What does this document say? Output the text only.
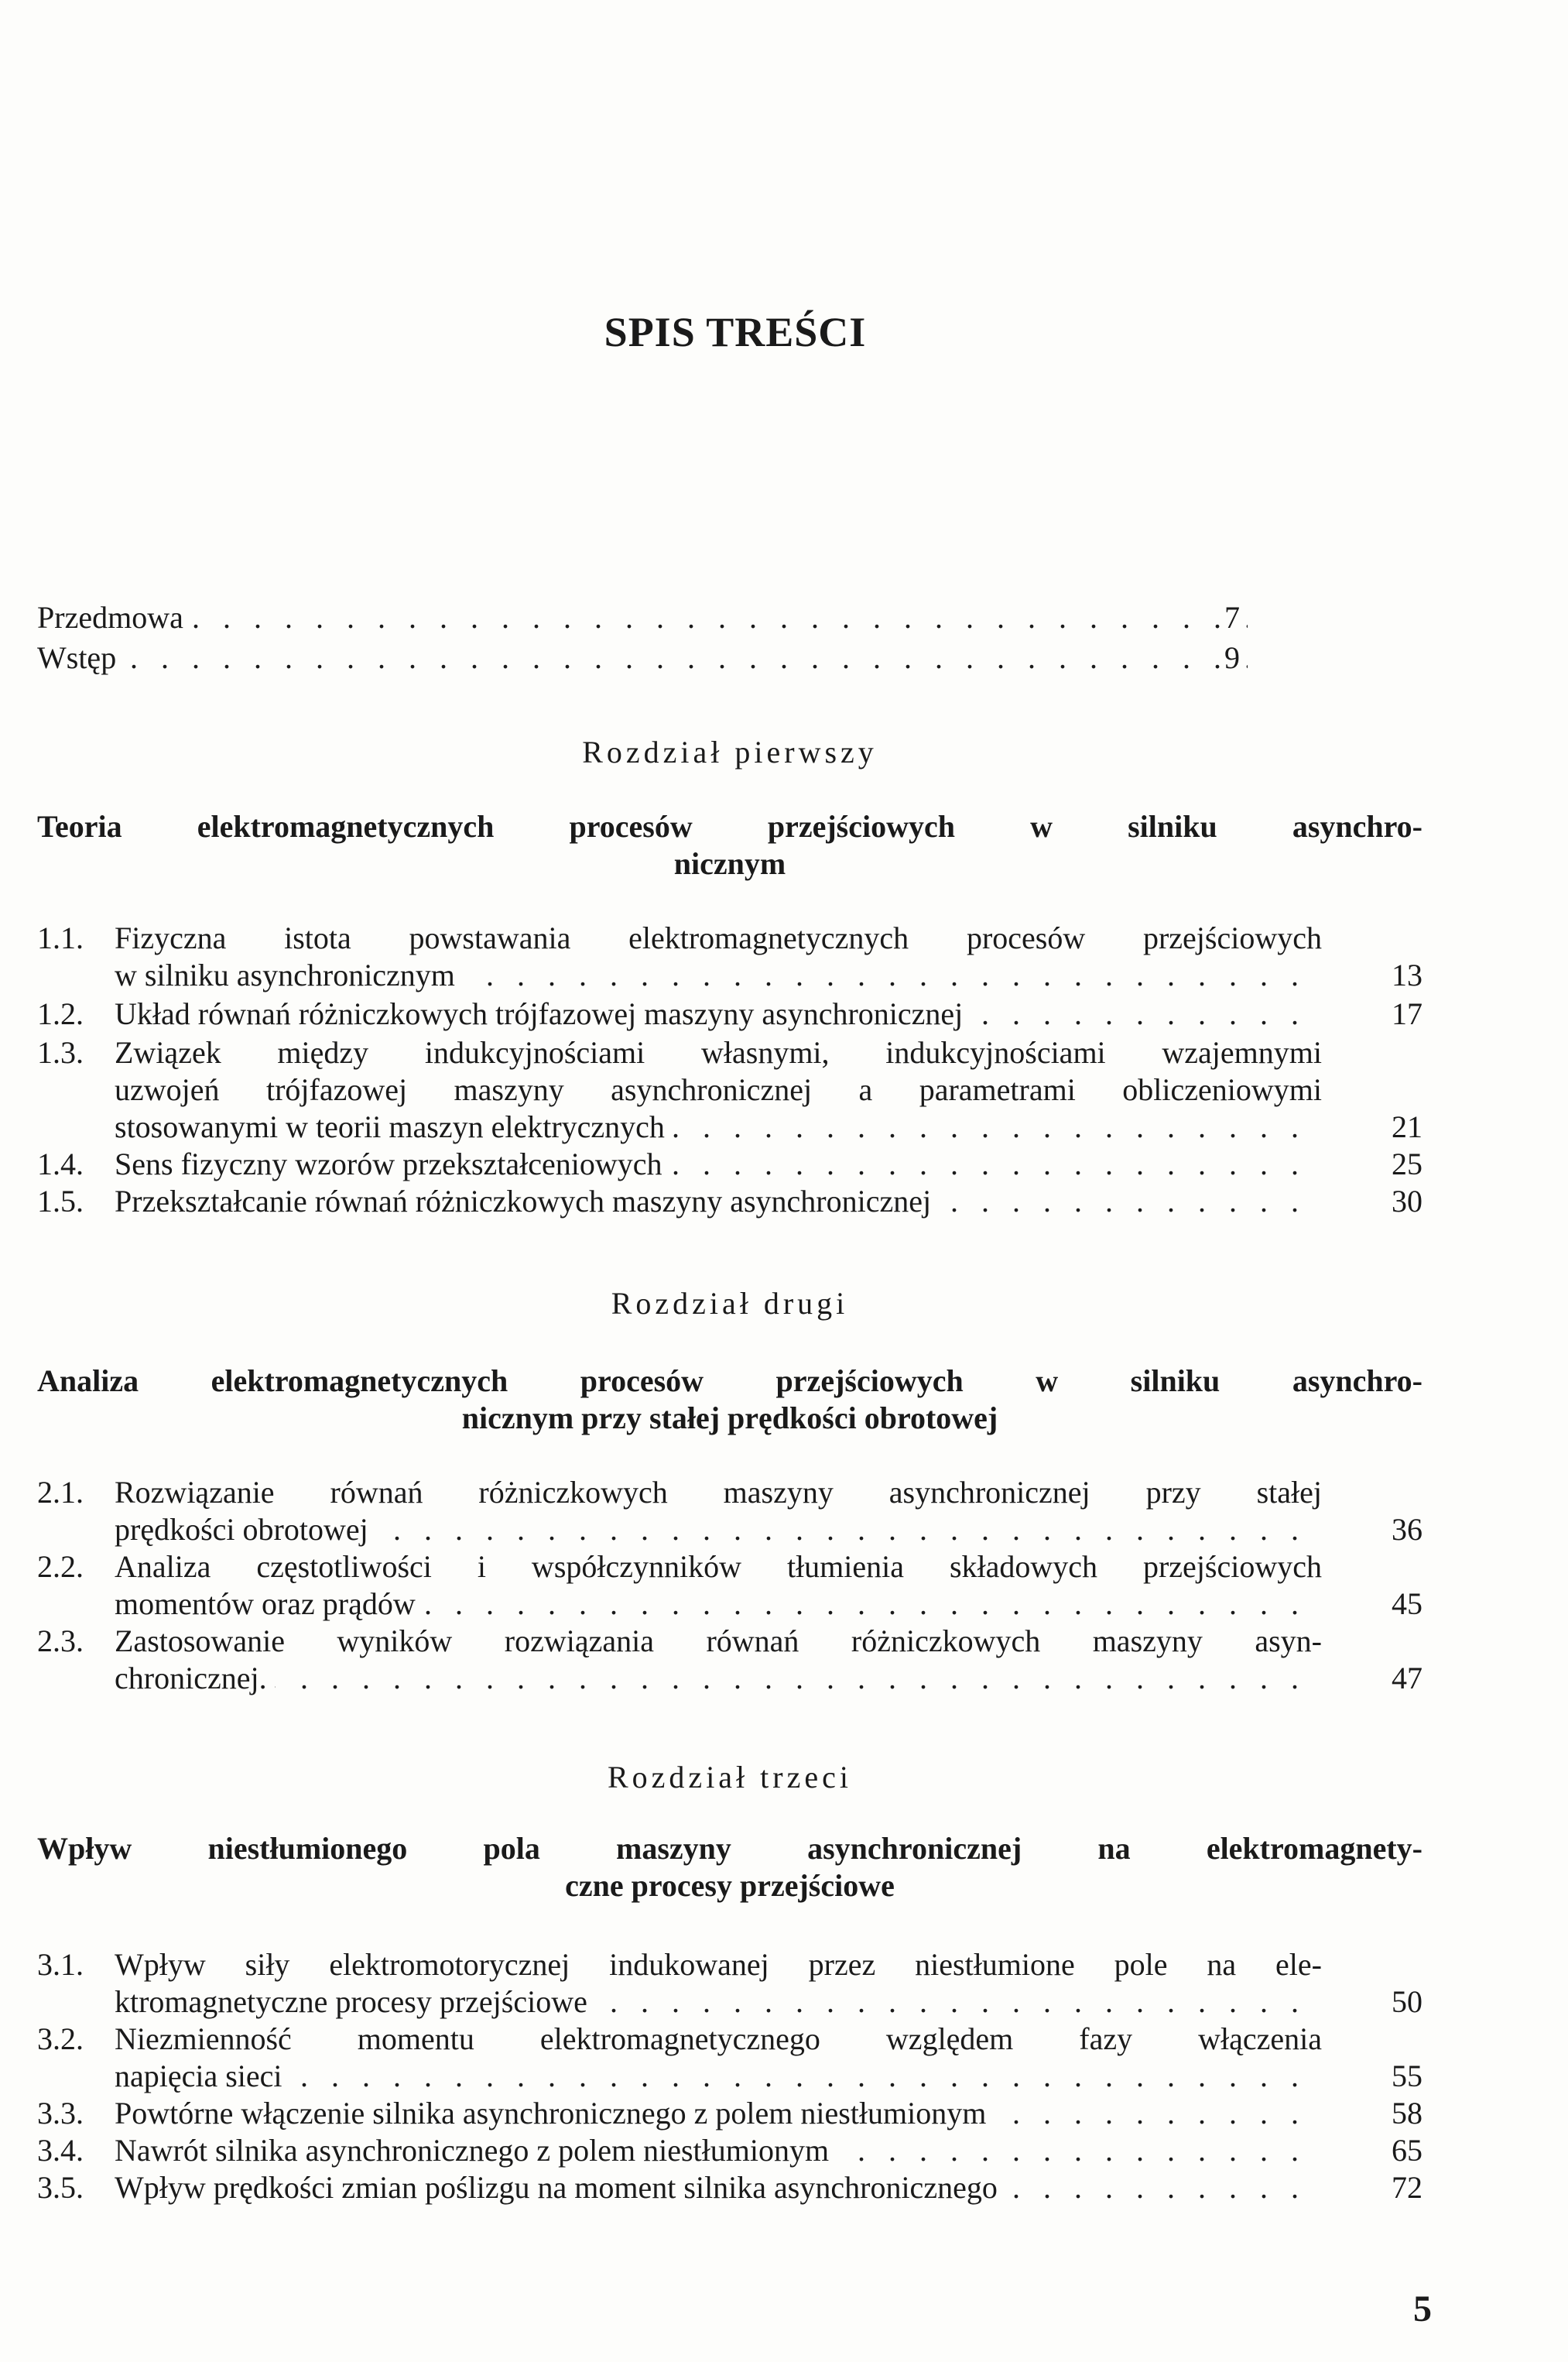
SPIS TREŚCI
Przedmowa . . .	7
Wstęp . . .	9
Rozdział pierwszy
Teoria elektromagnetycznych procesów przejściowych w silniku asynchro-
nicznym
1.1.	Fizyczna istota powstawania elektromagnetycznych procesów przejściowych
w silniku asynchronicznym . . .	13
1.2.	Układ równań różniczkowych trójfazowej maszyny asynchronicznej . . .	17
1.3.	Związek między indukcyjnościami własnymi, indukcyjnościami wzajemnymi
uzwojeń trójfazowej maszyny asynchronicznej a parametrami obliczeniowymi
stosowanymi w teorii maszyn elektrycznych . . .	21
1.4.	Sens fizyczny wzorów przekształceniowych . . .	25
1.5.	Przekształcanie równań różniczkowych maszyny asynchronicznej . . .	30
Rozdział drugi
Analiza elektromagnetycznych procesów przejściowych w silniku asynchro-
nicznym przy stałej prędkości obrotowej
2.1.	Rozwiązanie równań różniczkowych maszyny asynchronicznej przy stałej
prędkości obrotowej . . .	36
2.2.	Analiza częstotliwości i współczynników tłumienia składowych przejściowych
momentów oraz prądów . . .	45
2.3.	Zastosowanie wyników rozwiązania równań różniczkowych maszyny asyn-
chronicznej. . . .	47
Rozdział trzeci
Wpływ niestłumionego pola maszyny asynchronicznej na elektromagnety-
czne procesy przejściowe
3.1.	Wpływ siły elektromotorycznej indukowanej przez niestłumione pole na ele-
ktromagnetyczne procesy przejściowe . . .	50
3.2.	Niezmienność momentu elektromagnetycznego względem fazy włączenia
napięcia sieci . . .	55
3.3.	Powtórne włączenie silnika asynchronicznego z polem niestłumionym . . .	58
3.4.	Nawrót silnika asynchronicznego z polem niestłumionym . . .	65
3.5.	Wpływ prędkości zmian poślizgu na moment silnika asynchronicznego . . .	72
5
